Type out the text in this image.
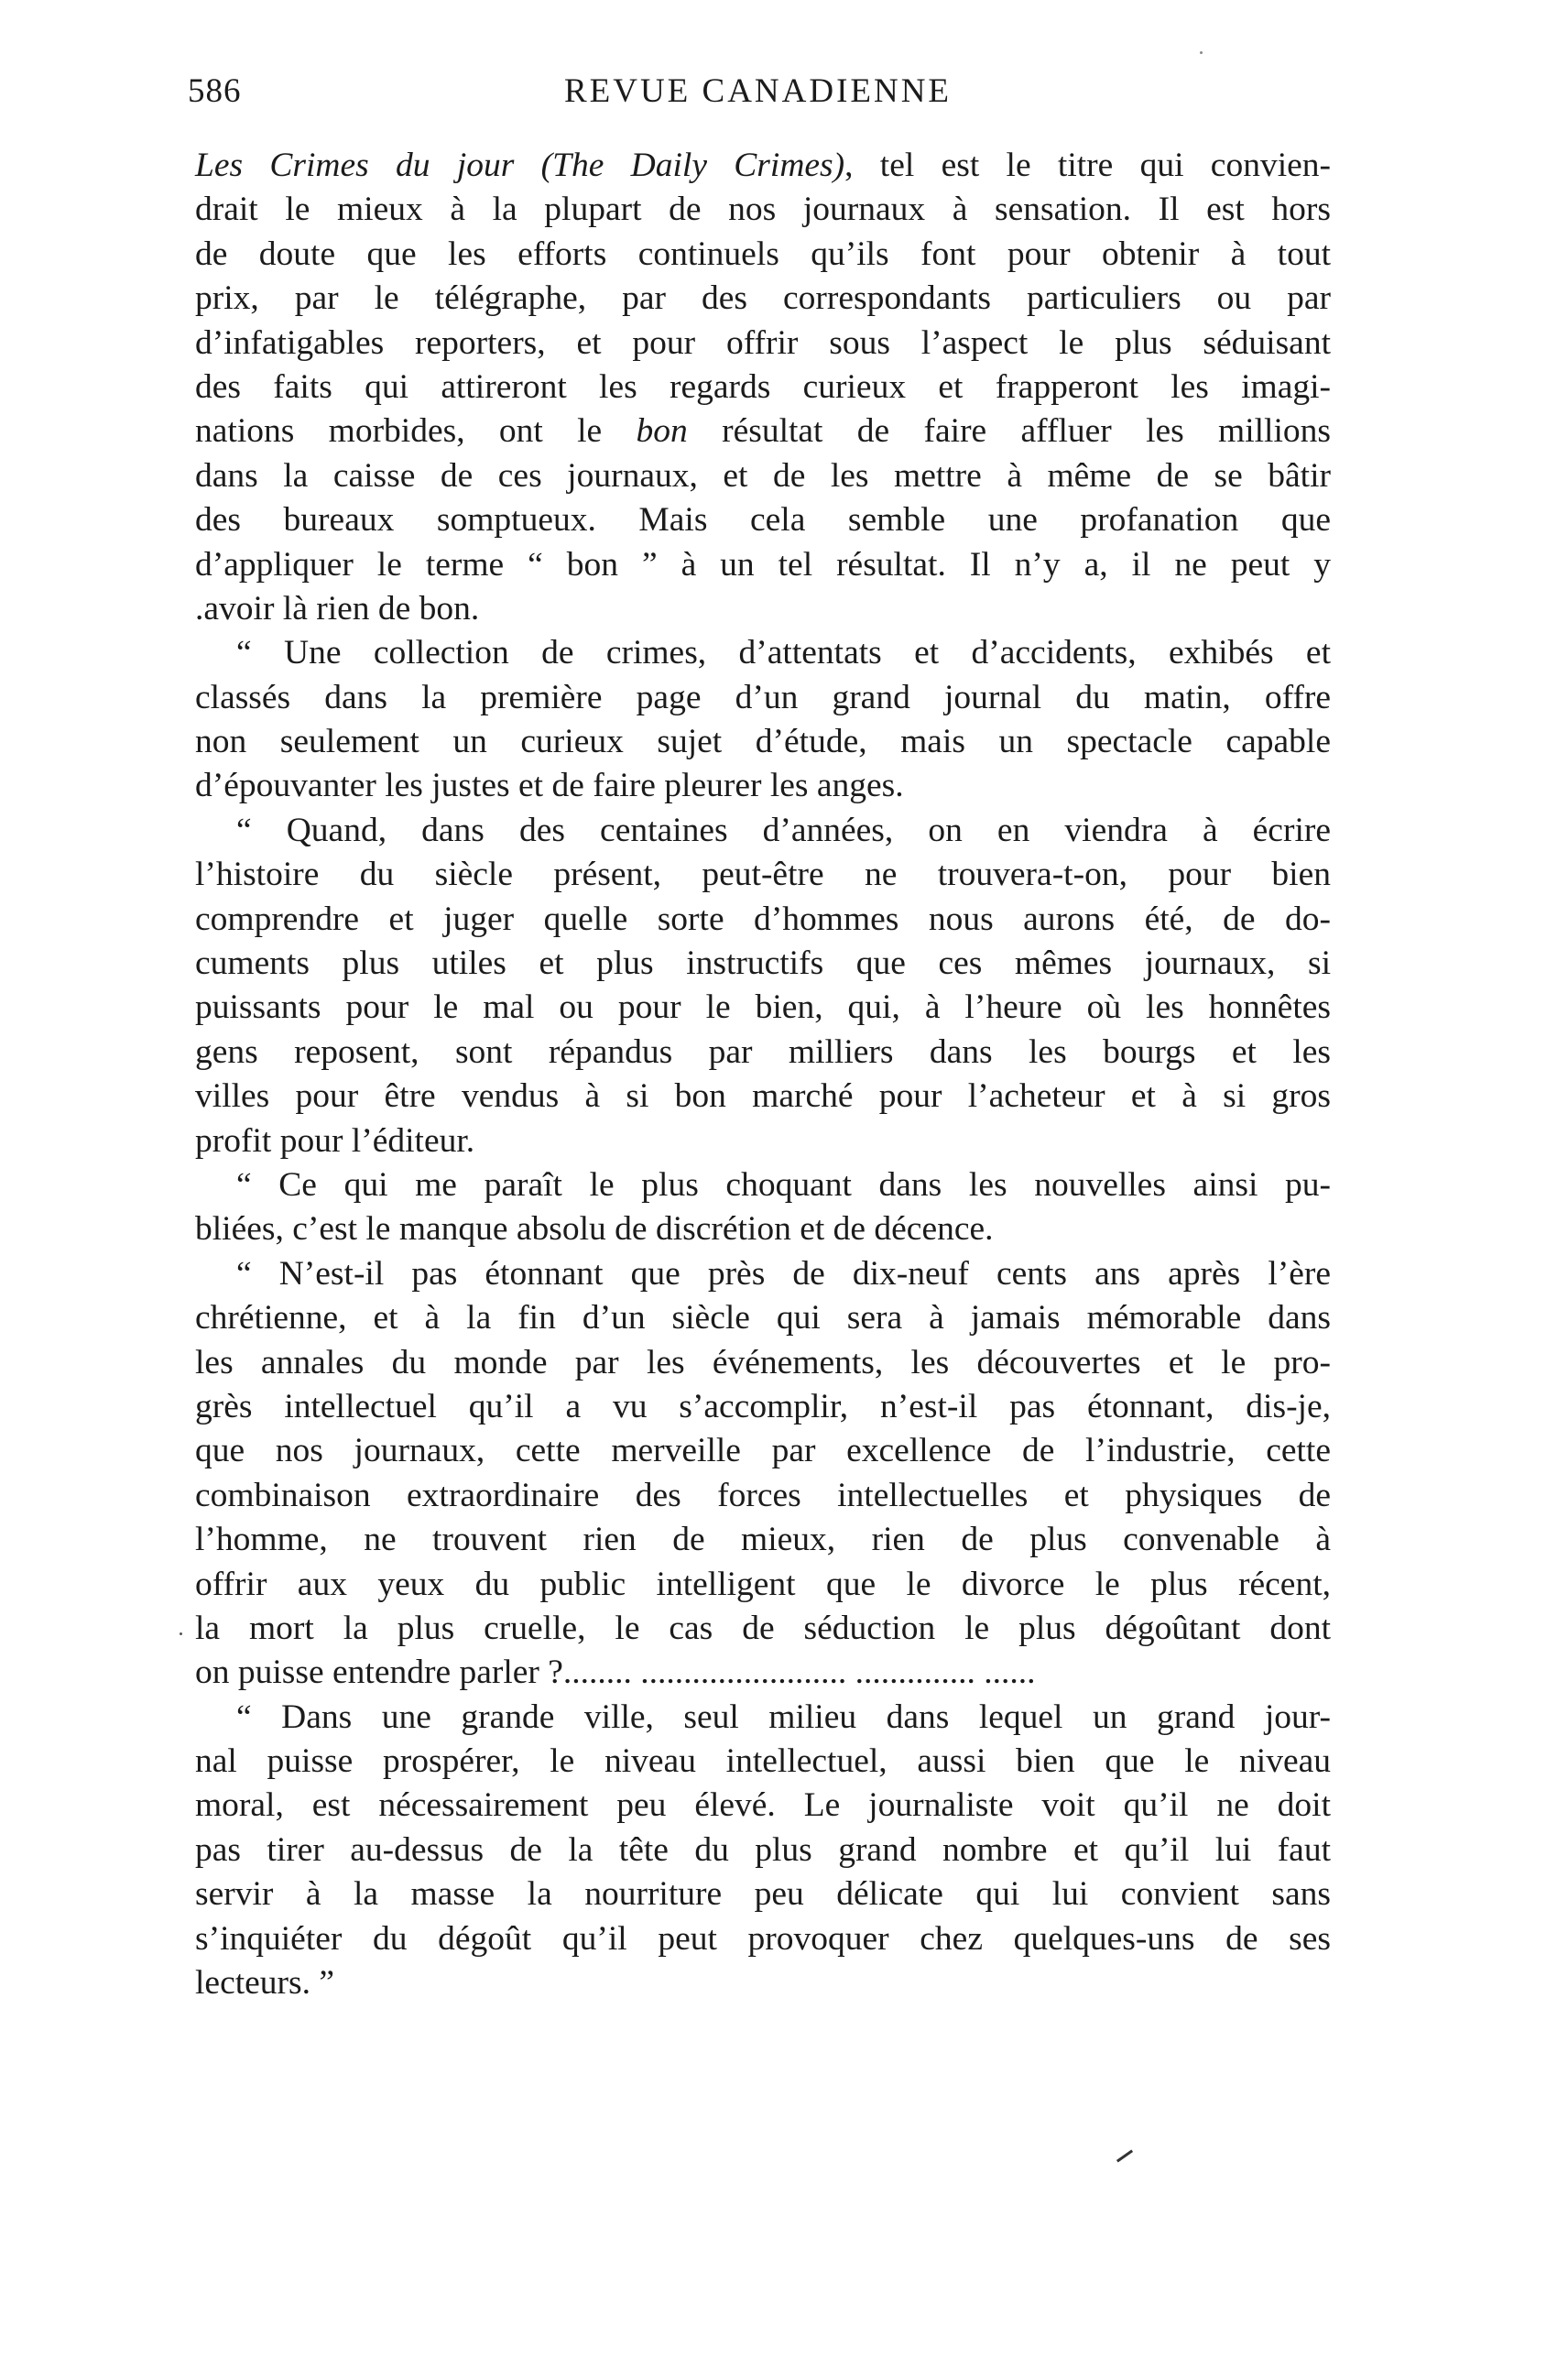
586	REVUE CANADIENNE
Les Crimes du jour (The Daily Crimes), tel est le titre qui convien-
drait le mieux à la plupart de nos journaux à sensation. Il est hors
de doute que les efforts continuels qu’ils font pour obtenir à tout
prix, par le télégraphe, par des correspondants particuliers ou par
d’infatigables reporters, et pour offrir sous l’aspect le plus séduisant
des faits qui attireront les regards curieux et frapperont les imagi-
nations morbides, ont le bon résultat de faire affluer les millions
dans la caisse de ces journaux, et de les mettre à même de se bâtir
des bureaux somptueux. Mais cela semble une profanation que
d’appliquer le terme “ bon ” à un tel résultat. Il n’y a, il ne peut y
.avoir là rien de bon.
“ Une collection de crimes, d’attentats et d’accidents, exhibés et
classés dans la première page d’un grand journal du matin, offre
non seulement un curieux sujet d’étude, mais un spectacle capable
d’épouvanter les justes et de faire pleurer les anges.
“ Quand, dans des centaines d’années, on en viendra à écrire
l’histoire du siècle présent, peut-être ne trouvera-t-on, pour bien
comprendre et juger quelle sorte d’hommes nous aurons été, de do-
cuments plus utiles et plus instructifs que ces mêmes journaux, si
puissants pour le mal ou pour le bien, qui, à l’heure où les honnêtes
gens reposent, sont répandus par milliers dans les bourgs et les
villes pour être vendus à si bon marché pour l’acheteur et à si gros
profit pour l’éditeur.
“ Ce qui me paraît le plus choquant dans les nouvelles ainsi pu-
bliées, c’est le manque absolu de discrétion et de décence.
“ N’est-il pas étonnant que près de dix-neuf cents ans après l’ère
chrétienne, et à la fin d’un siècle qui sera à jamais mémorable dans
les annales du monde par les événements, les découvertes et le pro-
grès intellectuel qu’il a vu s’accomplir, n’est-il pas étonnant, dis-je,
que nos journaux, cette merveille par excellence de l’industrie, cette
combinaison extraordinaire des forces intellectuelles et physiques de
l’homme, ne trouvent rien de mieux, rien de plus convenable à
offrir aux yeux du public intelligent que le divorce le plus récent,
la mort la plus cruelle, le cas de séduction le plus dégoûtant dont
on puisse entendre parler ?........ ........................ .............. ......
“ Dans une grande ville, seul milieu dans lequel un grand jour-
nal puisse prospérer, le niveau intellectuel, aussi bien que le niveau
moral, est nécessairement peu élevé. Le journaliste voit qu’il ne doit
pas tirer au-dessus de la tête du plus grand nombre et qu’il lui faut
servir à la masse la nourriture peu délicate qui lui convient sans
s’inquiéter du dégoût qu’il peut provoquer chez quelques-uns de ses
lecteurs. ”
